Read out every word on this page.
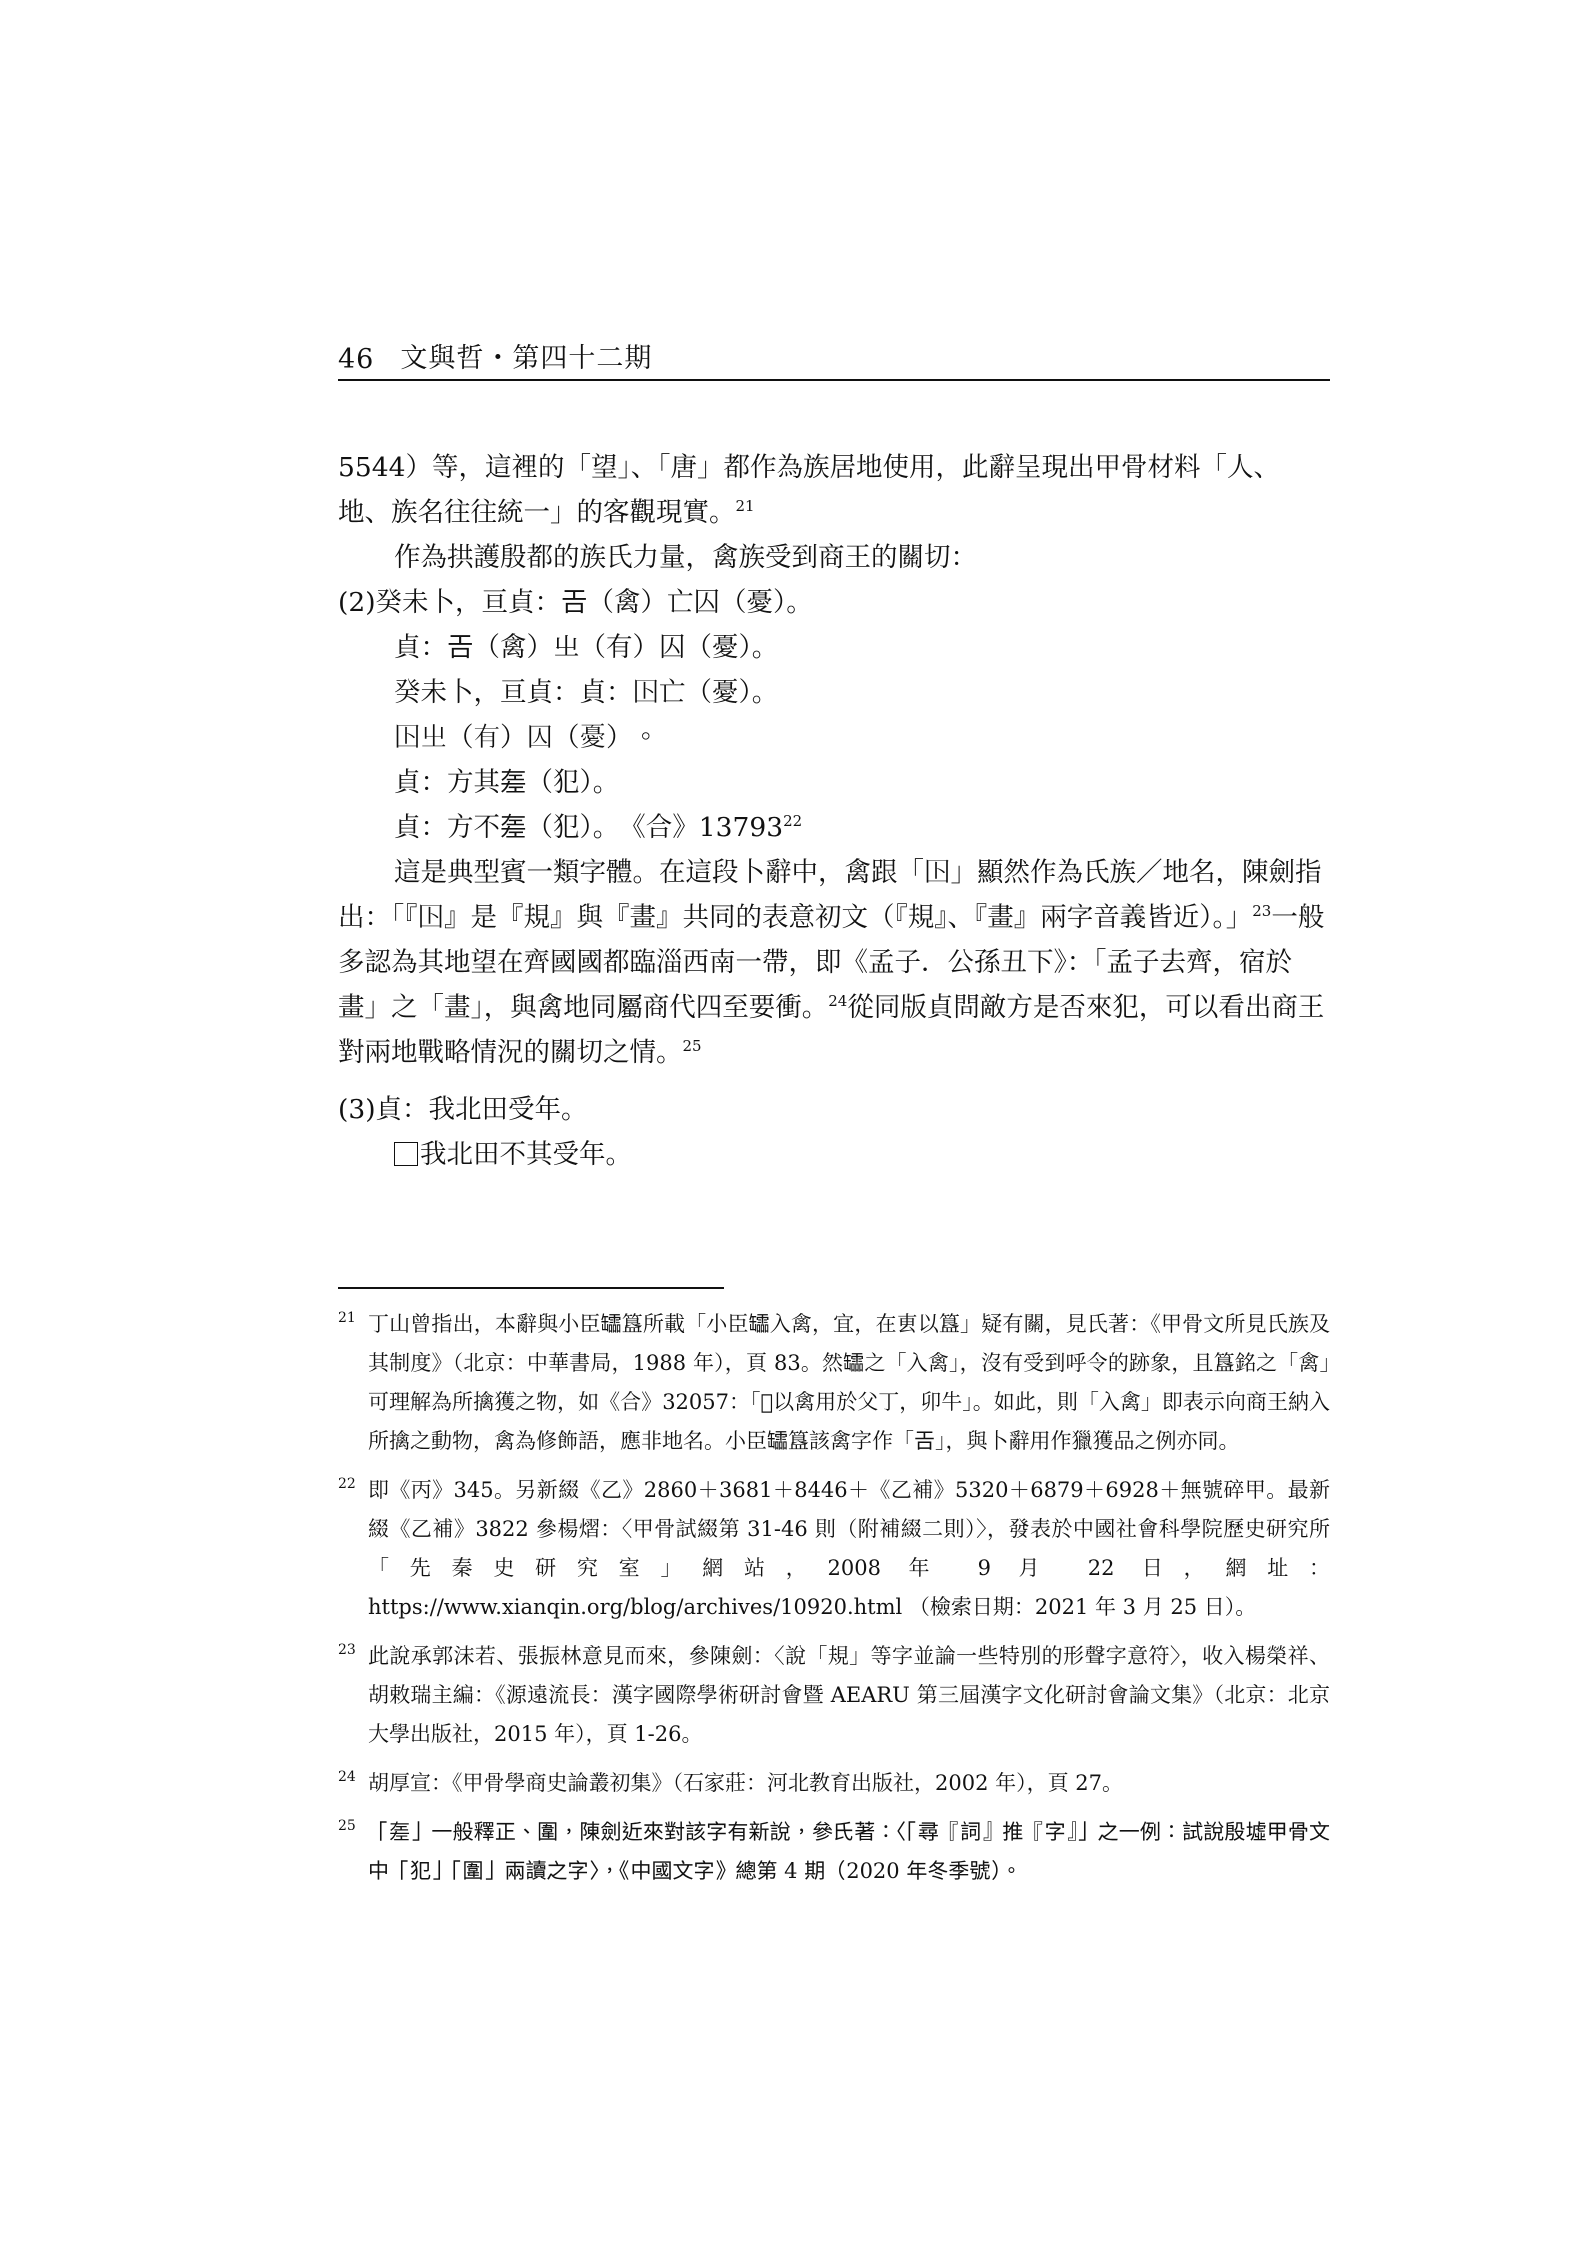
46 文與哲・第四十二期

5544）等，這裡的「望」、「唐」都作為族居地使用，此辭呈現出甲骨材料「人、地、族名往往統一」的客觀現實。$^{21}$

作為拱護殷都的族氏力量，禽族受到商王的關切：

(2)癸未卜，亘貞：𢀛（禽）亡囚（憂）。

貞：𢀛（禽）㞢（有）囚（憂）。

癸未卜，亘貞：貞：𡆥亡（憂）。

𡆥㞢（有）囚（憂）。

貞：方其𢀡（犯）。

貞：方不𢀡（犯）。　《合》13793$^{22}$

這是典型賓一類字體。在這段卜辭中，禽跟「𡆥」顯然作為氏族／地名，陳劍指出：「『𡆥』是『規』與『畫』共同的表意初文（『規』、『畫』兩字音義皆近）。」$^{23}$一般多認為其地望在齊國國都臨淄西南一帶，即《孟子．公孫丑下》：「孟子去齊，宿於畫」之「畫」，與禽地同屬商代四至要衝。$^{24}$從同版貞問敵方是否來犯，可以看出商王對兩地戰略情況的關切之情。$^{25}$

(3)貞：我北田受年。

我北田不其受年。

21 丁山曾指出，本辭與小臣𦉢簋所載「小臣𦉢入禽，宜，在叀以簋」疑有關，見氏著：《甲骨文所見氏族及其制度》（北京：中華書局，1988 年），頁 83。然𦉢之「入禽」，沒有受到呼令的跡象，且簋銘之「禽」可理解為所擒獲之物，如《合》32057：「𢼸以禽用於父丁，卯牛」。如此，則「入禽」即表示向商王納入所擒之動物，禽為修飾語，應非地名。小臣𦉢簋該禽字作「𢀛」，與卜辭用作獵獲品之例亦同。
22 即《丙》345。另新綴《乙》2860＋3681＋8446＋《乙補》5320＋6879＋6928＋無號碎甲。最新綴《乙補》3822 參楊熠：〈甲骨試綴第 31-46 則（附補綴二則）〉，發表於中國社會科學院歷史研究所「先秦史研究室」網站，2008 年 9 月 22 日，網址：https://www.xianqin.org/blog/archives/10920.html （檢索日期：2021 年 3 月 25 日）。
23 此說承郭沫若、張振林意見而來，參陳劍：〈說「規」等字並論一些特別的形聲字意符〉，收入楊榮祥、胡敕瑞主編：《源遠流長：漢字國際學術研討會暨 AEARU 第三屆漢字文化研討會論文集》（北京：北京大學出版社，2015 年），頁 1-26。
24 胡厚宣：《甲骨學商史論叢初集》（石家莊：河北教育出版社，2002 年），頁 27。
25 「𢀡」一般釋正、圍，陳劍近來對該字有新說，參氏著：〈「尋『詞』推『字』」之一例：試說殷墟甲骨文中「犯」「圍」兩讀之字〉，《中國文字》總第 4 期（2020 年冬季號）。
